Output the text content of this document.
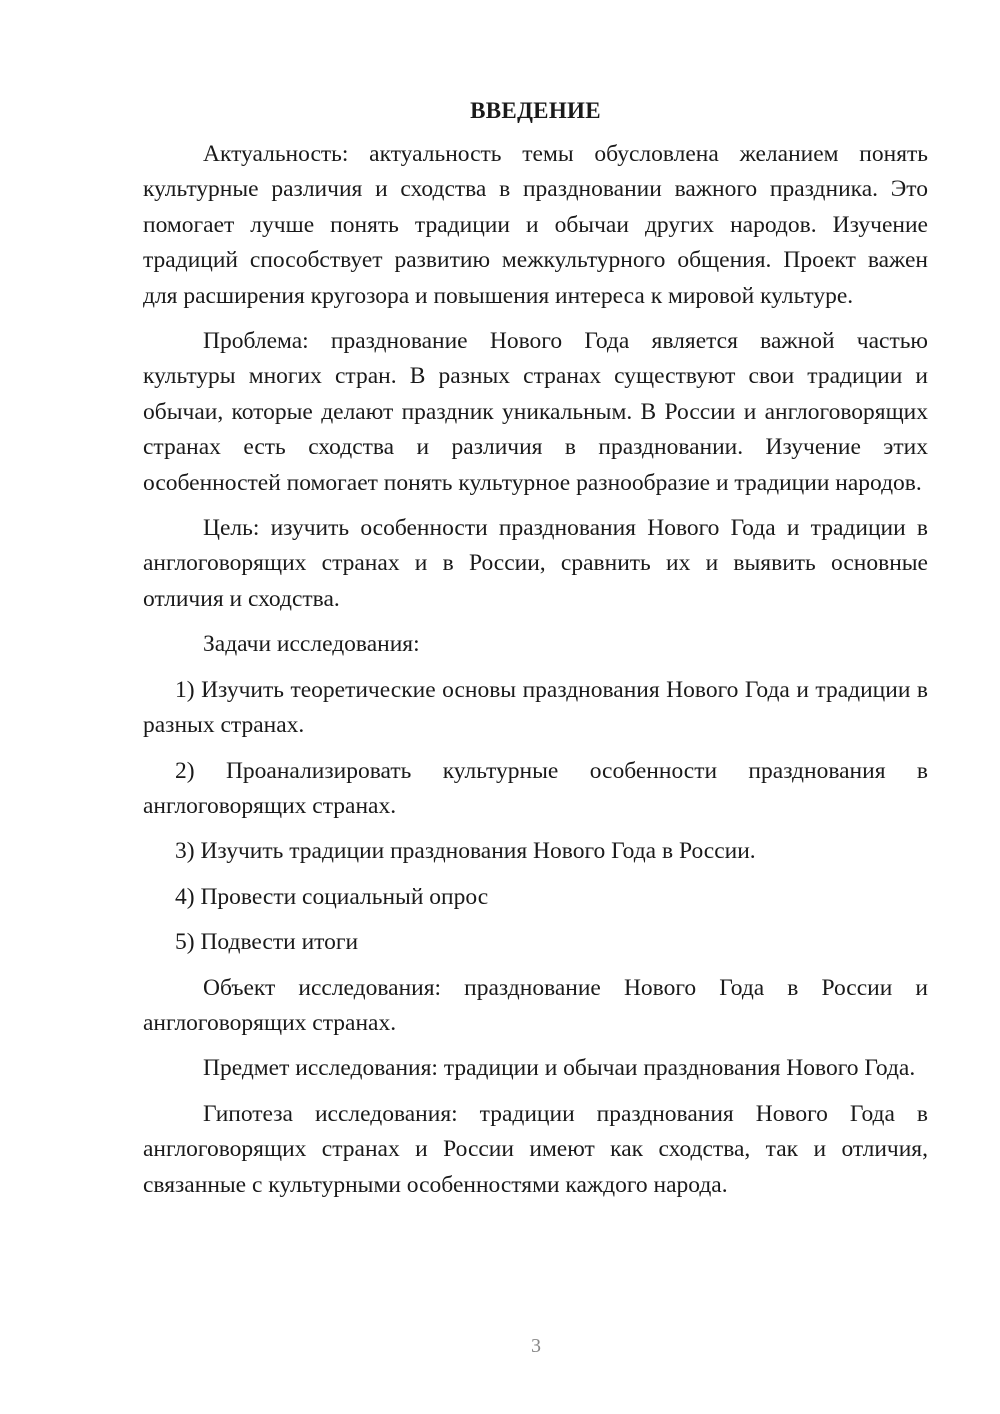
ВВЕДЕНИЕ

Актуальность: актуальность темы обусловлена желанием понять культурные различия и сходства в праздновании важного праздника. Это помогает лучше понять традиции и обычаи других народов. Изучение традиций способствует развитию межкультурного общения. Проект важен для расширения кругозора и повышения интереса к мировой культуре.

Проблема: празднование Нового Года является важной частью культуры многих стран. В разных странах существуют свои традиции и обычаи, которые делают праздник уникальным. В России и англоговорящих странах есть сходства и различия в праздновании. Изучение этих особенностей помогает понять культурное разнообразие и традиции народов.

Цель: изучить особенности празднования Нового Года и традиции в англоговорящих странах и в России, сравнить их и выявить основные отличия и сходства.

Задачи исследования:

1) Изучить теоретические основы празднования Нового Года и традиции в разных странах.

2) Проанализировать культурные особенности празднования в англоговорящих странах.

3) Изучить традиции празднования Нового Года в России.

4) Провести социальный опрос

5) Подвести итоги

Объект исследования: празднование Нового Года в России и англоговорящих странах.

Предмет исследования: традиции и обычаи празднования Нового Года.

Гипотеза исследования: традиции празднования Нового Года в англоговорящих странах и России имеют как сходства, так и отличия, связанные с культурными особенностями каждого народа.

3
